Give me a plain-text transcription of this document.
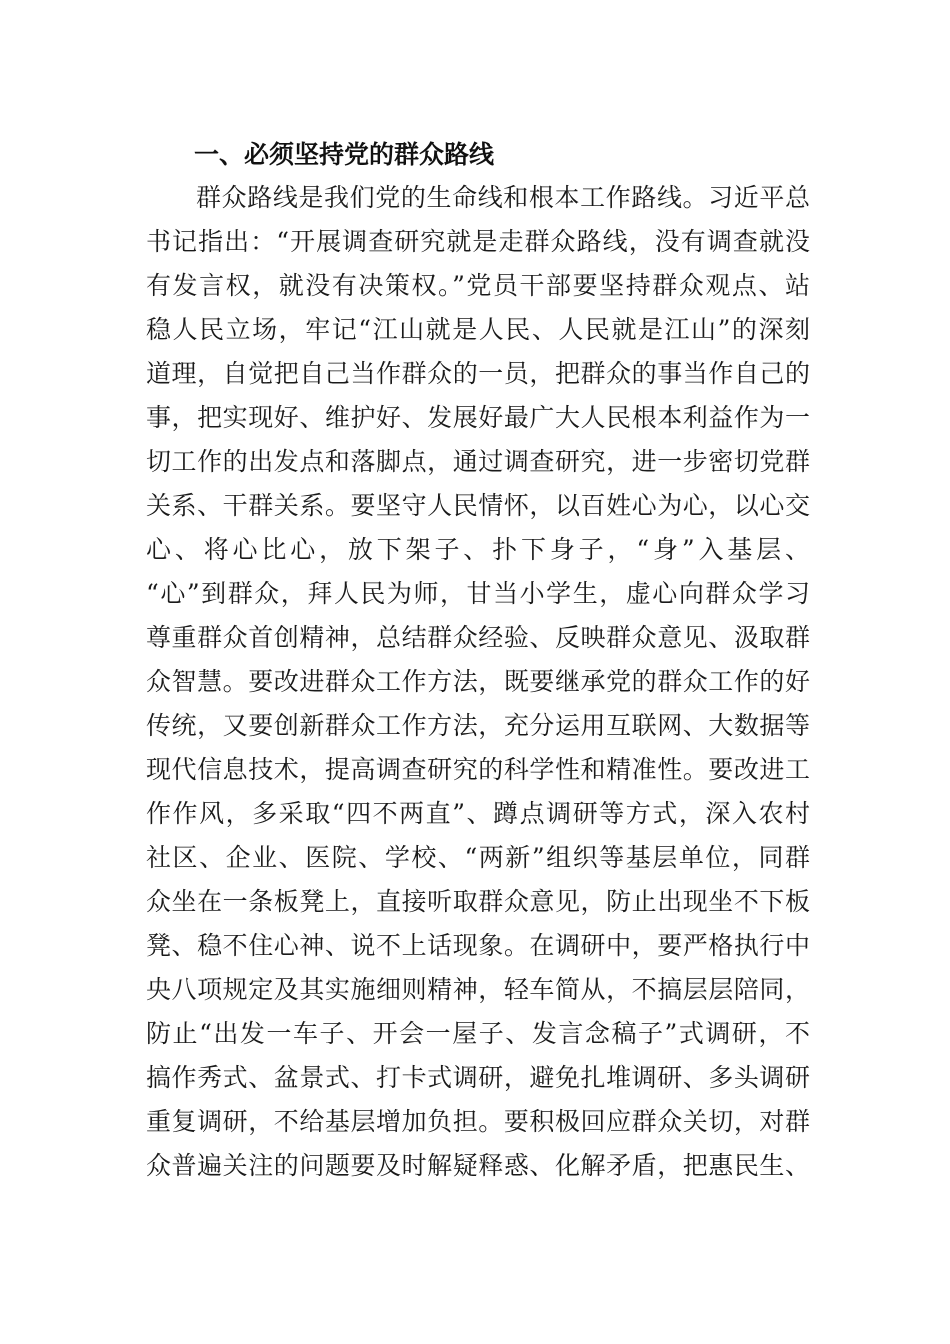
一、必须坚持党的群众路线
群众路线是我们党的生命线和根本工作路线。习近平总
书记指出：“开展调查研究就是走群众路线，没有调查就没
有发言权，就没有决策权。”党员干部要坚持群众观点、站
稳人民立场，牢记“江山就是人民、人民就是江山”的深刻
道理，自觉把自己当作群众的一员，把群众的事当作自己的
事，把实现好、维护好、发展好最广大人民根本利益作为一
切工作的出发点和落脚点，通过调查研究，进一步密切党群
关系、干群关系。要坚守人民情怀，以百姓心为心，以心交
心、将心比心，放下架子、扑下身子，“身”入基层、
“心”到群众，拜人民为师，甘当小学生，虚心向群众学习
尊重群众首创精神，总结群众经验、反映群众意见、汲取群
众智慧。要改进群众工作方法，既要继承党的群众工作的好
传统，又要创新群众工作方法，充分运用互联网、大数据等
现代信息技术，提高调查研究的科学性和精准性。要改进工
作作风，多采取“四不两直”、蹲点调研等方式，深入农村
社区、企业、医院、学校、“两新”组织等基层单位，同群
众坐在一条板凳上，直接听取群众意见，防止出现坐不下板
凳、稳不住心神、说不上话现象。在调研中，要严格执行中
央八项规定及其实施细则精神，轻车简从，不搞层层陪同，
防止“出发一车子、开会一屋子、发言念稿子”式调研，不
搞作秀式、盆景式、打卡式调研，避免扎堆调研、多头调研
重复调研，不给基层增加负担。要积极回应群众关切，对群
众普遍关注的问题要及时解疑释惑、化解矛盾，把惠民生、
